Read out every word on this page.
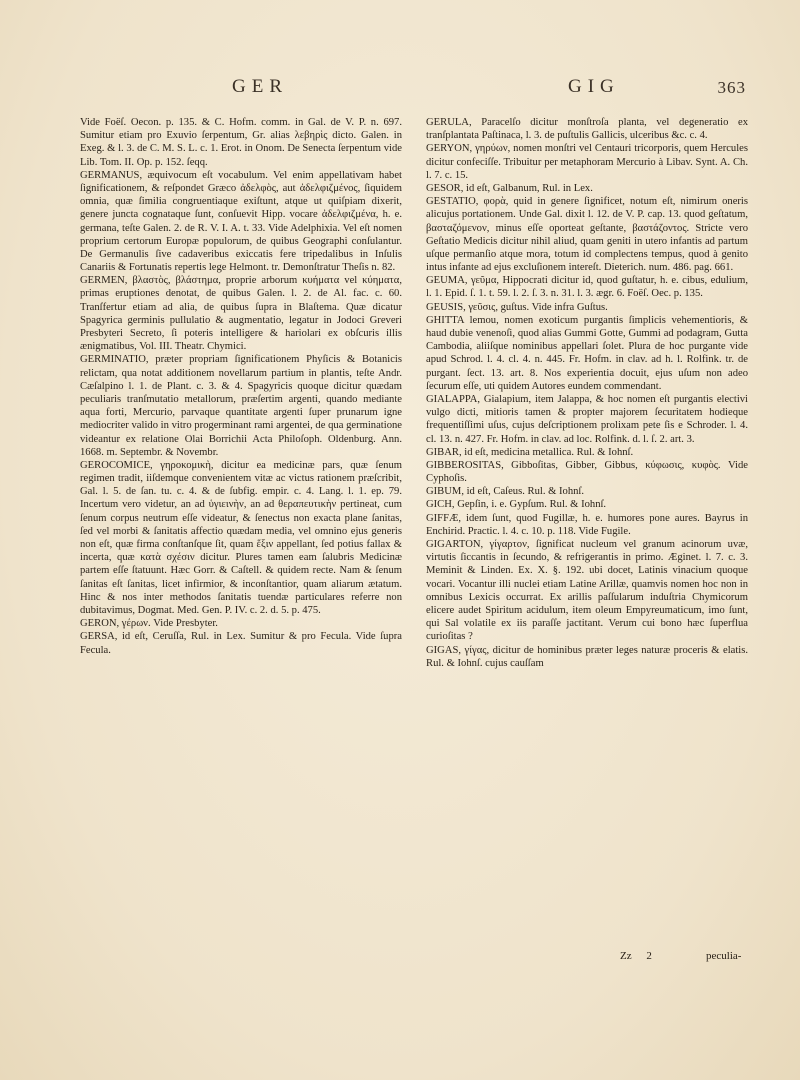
GER	GIG	363

Vide Foëſ. Oecon. p. 135. & C. Hofm. comm. in Gal. de V. P. n. 697. Sumitur etiam pro Exuvio ſerpentum, Gr. alias λεβηρὶς dicto. Galen. in Exeg. & l. 3. de C. M. S. L. c. 1. Erot. in Onom. De Senecta ſerpentum vide Lib. Tom. II. Op. p. 152. ſeqq.

GERMANUS, æquivocum eſt vocabulum. Vel enim appellativam habet ſignificationem, & reſpondet Græco ἀδελφὸς, aut ἀδελφιζμένος, ſiquidem omnia, quæ ſimilia congruentiaque exiſtunt, atque ut quiſpiam dixerit, genere juncta cognataque ſunt, conſuevit Hipp. vocare ἀδελφιζμένα, h. e. germana, teſte Galen. 2. de R. V. I. A. t. 33. Vide Adelphixia. Vel eſt nomen proprium certorum Europæ populorum, de quibus Geographi conſulantur. De Germanulis ſive cadaveribus exiccatis fere tripedalibus in Inſulis Canariis & Fortunatis repertis lege Helmont. tr. Demonſtratur Theſis n. 82.

GERMEN, βλαστὸς, βλάστημα, proprie arborum κυήματα vel κύηματα, primas eruptiones denotat, de quibus Galen. l. 2. de Al. fac. c. 60. Tranſfertur etiam ad alia, de quibus ſupra in Blaſtema. Quæ dicatur Spagyrica germinis pullulatio & augmentatio, legatur in Jodoci Greveri Presbyteri Secreto, ſi poteris intelligere & hariolari ex obſcuris illis ænigmatibus, Vol. III. Theatr. Chymici.

GERMINATIO, præter propriam ſignificationem Phyſicis & Botanicis relictam, qua notat additionem novellarum partium in plantis, teſte Andr. Cæſalpino l. 1. de Plant. c. 3. & 4. Spagyricis quoque dicitur quædam peculiaris tranſmutatio metallorum, præſertim argenti, quando mediante aqua forti, Mercurio, parvaque quantitate argenti ſuper prunarum igne mediocriter valido in vitro progerminant rami argentei, de qua germinatione videantur ex relatione Olai Borrichii Acta Philoſoph. Oldenburg. Ann. 1668. m. Septembr. & Novembr.

GEROCOMICE, γηροκομικὴ, dicitur ea medicinæ pars, quæ ſenum regimen tradit, iiſdemque convenientem vitæ ac victus rationem præſcribit, Gal. l. 5. de ſan. tu. c. 4. & de ſubfig. empir. c. 4. Lang. l. 1. ep. 79. Incertum vero videtur, an ad ὑγιεινὴν, an ad θεραπευτικὴν pertineat, cum ſenum corpus neutrum eſſe videatur, & ſenectus non exacta plane ſanitas, ſed vel morbi & ſanitatis affectio quædam media, vel omnino ejus generis non eſt, quæ firma conſtanſque ſit, quam ἕξιν appellant, ſed potius fallax & incerta, quæ κατὰ σχέσιν dicitur. Plures tamen eam ſalubris Medicinæ partem eſſe ſtatuunt. Hæc Gorr. & Caſtell. & quidem recte. Nam & ſenum ſanitas eſt ſanitas, licet infirmior, & inconſtantior, quam aliarum ætatum. Hinc & nos inter methodos ſanitatis tuendæ particulares referre non dubitavimus, Dogmat. Med. Gen. P. IV. c. 2. d. 5. p. 475.

GERON, γέρων. Vide Presbyter.

GERSA, id eſt, Ceruſſa, Rul. in Lex. Sumitur & pro Fecula. Vide ſupra Fecula.

GERULA, Paracelſo dicitur monſtroſa planta, vel degeneratio ex tranſplantata Paſtinaca, l. 3. de puſtulis Gallicis, ulceribus &c. c. 4.

GERYON, γηρύων, nomen monſtri vel Centauri tricorporis, quem Hercules dicitur confeciſſe. Tribuitur per metaphoram Mercurio à Libav. Synt. A. Ch. l. 7. c. 15.

GESOR, id eſt, Galbanum, Rul. in Lex.

GESTATIO, φορὰ, quid in genere ſignificet, notum eſt, nimirum oneris alicujus portationem. Unde Gal. dixit l. 12. de V. P. cap. 13. quod geſtatum, βασταζόμενον, minus eſſe oporteat geſtante, βαστάζοντος. Stricte vero Geſtatio Medicis dicitur nihil aliud, quam geniti in utero infantis ad partum uſque permanſio atque mora, totum id complectens tempus, quod à genito intus infante ad ejus excluſionem intereſt. Dieterich. num. 486. pag. 661.

GEUMA, γεῦμα, Hippocrati dicitur id, quod guſtatur, h. e. cibus, edulium, l. 1. Epid. ſ. 1. t. 59. l. 2. ſ. 3. n. 31. l. 3. ægr. 6. Foëſ. Oec. p. 135.

GEUSIS, γεῦσις, guſtus. Vide infra Guſtus.

GHITTA lemou, nomen exoticum purgantis ſimplicis vehementioris, & haud dubie venenoſi, quod alias Gummi Gotte, Gummi ad podagram, Gutta Cambodia, aliiſque nominibus appellari ſolet. Plura de hoc purgante vide apud Schrod. l. 4. cl. 4. n. 445. Fr. Hofm. in clav. ad h. l. Rolfink. tr. de purgant. ſect. 13. art. 8. Nos experientia docuit, ejus uſum non adeo ſecurum eſſe, uti quidem Autores eundem commendant.

GIALAPPA, Gialapium, item Jalappa, & hoc nomen eſt purgantis electivi vulgo dicti, mitioris tamen & propter majorem ſecuritatem hodieque frequentiſſimi uſus, cujus deſcriptionem prolixam pete ſis e Schroder. l. 4. cl. 13. n. 427. Fr. Hofm. in clav. ad loc. Rolfink. d. l. ſ. 2. art. 3.

GIBAR, id eſt, medicina metallica. Rul. & Iohnſ.

GIBBEROSITAS, Gibboſitas, Gibber, Gibbus, κύφωσις, κυφὸς. Vide Cyphoſis.

GIBUM, id eſt, Caſeus. Rul. & Iohnſ.

GICH, Gepſin, i. e. Gypſum. Rul. & Iohnſ.

GIFFÆ, idem ſunt, quod Fugillæ, h. e. humores pone aures. Bayrus in Enchirid. Practic. l. 4. c. 10. p. 118. Vide Fugile.

GIGARTON, γίγαρτον, ſignificat nucleum vel granum acinorum uvæ, virtutis ſiccantis in ſecundo, & refrigerantis in primo. Æginet. l. 7. c. 3. Meminit & Linden. Ex. X. §. 192. ubi docet, Latinis vinacium quoque vocari. Vocantur illi nuclei etiam Latine Arillæ, quamvis nomen hoc non in omnibus Lexicis occurrat. Ex arillis paſſularum induſtria Chymicorum elicere audet Spiritum acidulum, item oleum Empyreumaticum, imo ſunt, qui Sal volatile ex iis paraſſe jactitant. Verum cui bono hæc ſuperflua curioſitas ?

GIGAS, γίγας, dicitur de hominibus præter leges naturæ proceris & elatis. Rul. & Iohnſ. cujus cauſſam

Zz 2	peculia-
